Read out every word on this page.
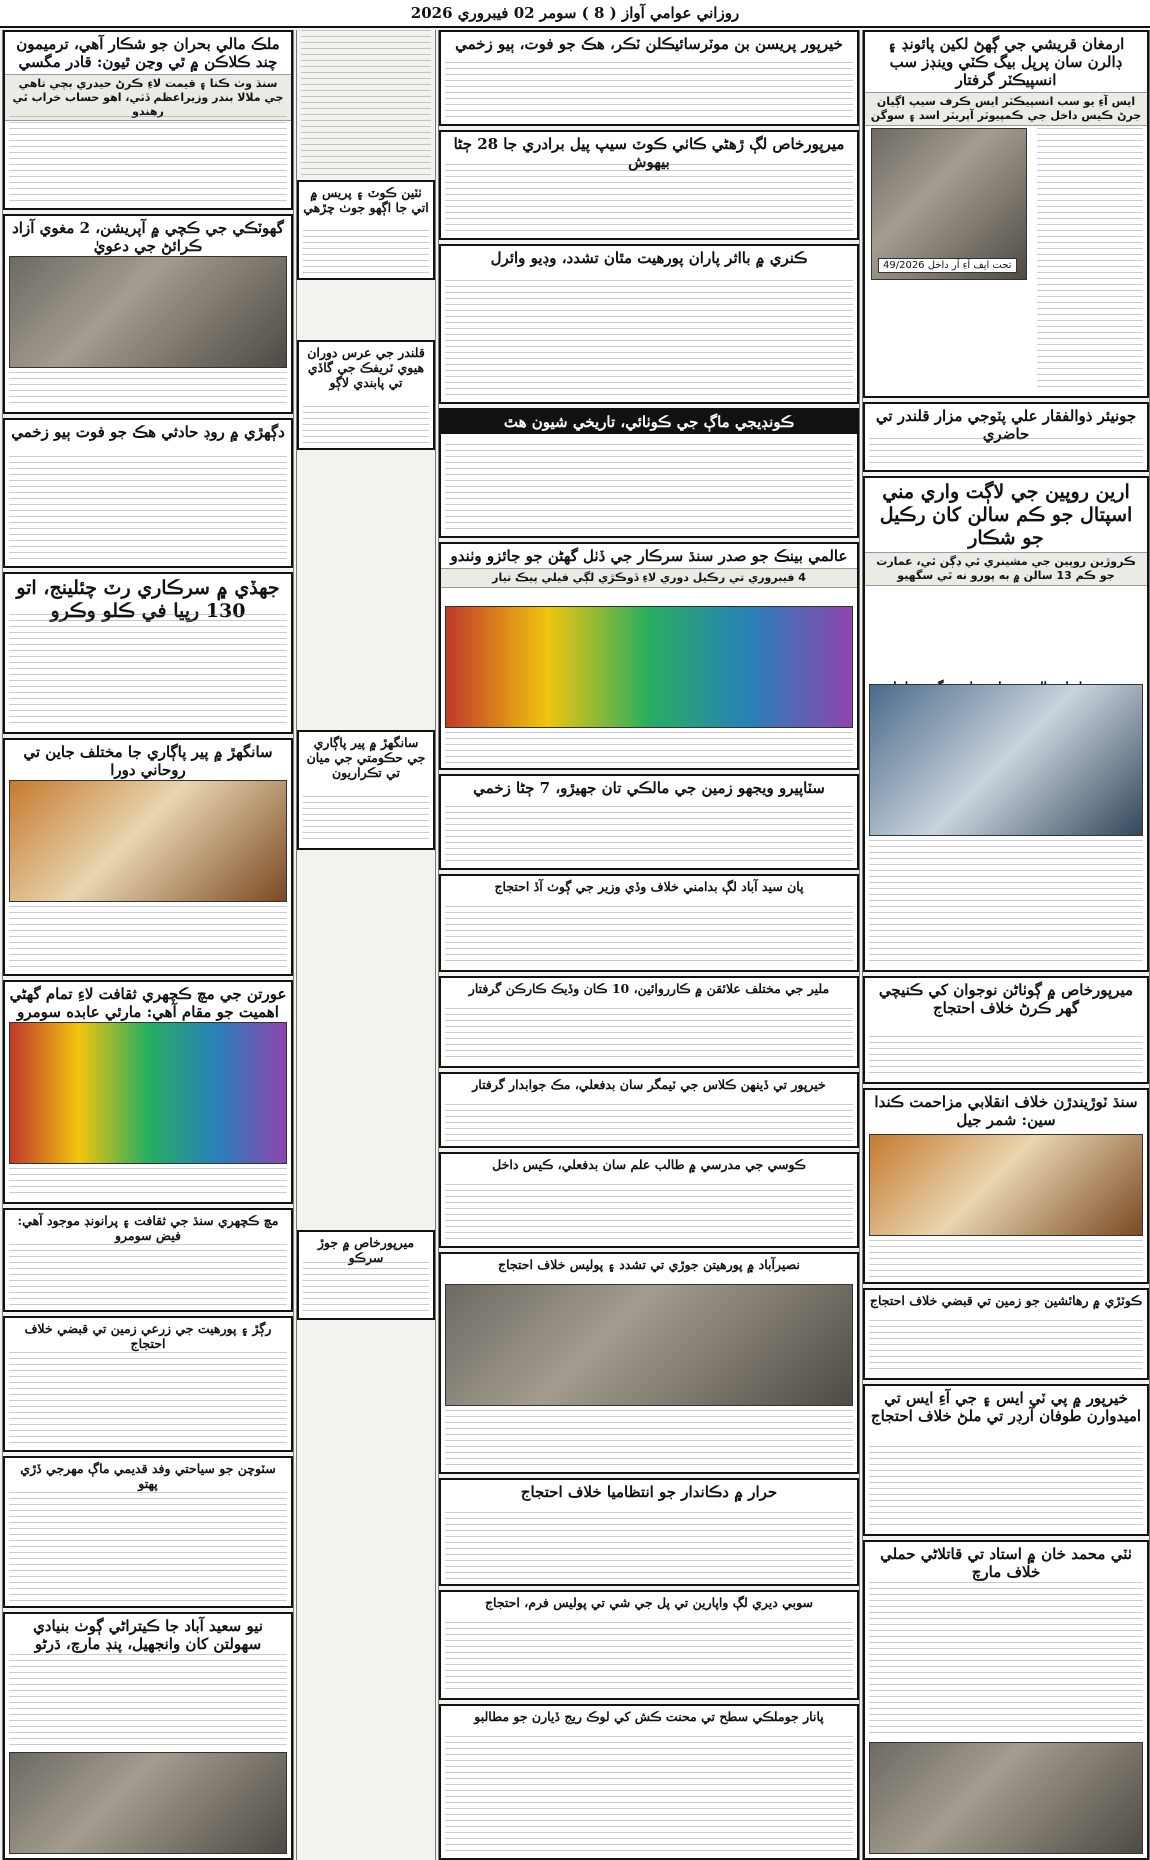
روزاني عوامي آواز ( 8 ) سومر 02 فيبروري 2026
ارمغان قريشي جي ڳهڻ لکين پائونڊ ۽ ڊالرن سان پرپل بيگ ڪٽي وينڊز سب انسپيڪٽر گرفتار
ايس آءِ يو سب انسپيڪٽر ايس ڪرف سيپ اڳيان جرڻ ڪيس داخل جي ڪمپيوٽر آپريٽر اسد ۽ سوگن
49/2026 تحت ايف آءِ آر داخل
جونيئر ذوالفقار علي پٽوجي مزار قلندر تي حاضري
ارين روپين جي لاڳت واري مني اسپتال جو ڪم سالن کان رڪيل جو شڪار
ڪروڙين روپين جي مشينري ٿي ڊڳن ٿي، عمارت جو ڪم 13 سالن ۾ به پورو نه ٿي سگهيو
ميرپورخاص ۾ ڳوٺاڻن نوجوان کي ڪنيچي گهر ڪرڻ خلاف احتجاج
سنڌ ٽوڙيندڙن خلاف انقلابي مزاحمت ڪندا سين: شمر جيل
ڪوٽڙي ۾ رهائشين جو زمين تي قبضي خلاف احتجاج
خيرپور ۾ پي ٽي ايس ۽ جي آءِ ايس تي اميدوارن طوفان آرڊر تي ملڻ خلاف احتجاج
ٺٽي محمد خان ۾ استاد تي قاتلاڻي حملي خلاف مارچ
خيرپور پريسن بن موٽرسائيڪلن ٽڪر، هڪ جو فوت، ٻيو زخمي
ميرپورخاص لڳ ڙهڻي ڪاٺي ڪوٽ سيپ پيل برادري جا 28 ڄڻا بيهوش
ڪنري ۾ بااثر پاران پورهيت مٿان تشدد، وڊيو وائرل
ڪونڊيجي ماڳ جي ڪوٺائي، تاريخي شيون هٿ
عالمي بينڪ جو صدر سنڌ سرڪار جي ڏٺل گهڻن جو جائزو وٺندو
4 فيبروري تي رڪيل دوري لاءِ ڏوڪڙي لڳي فيلي پيڪ تيار
سٽاپيرو ويجهو زمين جي مالڪي تان جهيڙو، 7 ڄڻا زخمي
پان سيد آباد لڳ بدامني خلاف وڏي وزير جي ڳوٺ آڏ احتجاج
ملير جي مختلف علائقن ۾ ڪارروائين، 10 ڪان وڏيڪ ڪارڪن گرفتار
خيرپور تي ڏينهن ڪلاس جي ٽيمگر سان بدفعلي، مڪ جوابدار گرفتار
ڪوسي جي مدرسي ۾ طالب علم سان بدفعلي، ڪيس داخل
نصيرآباد ۾ پورهيتن جوڙي تي تشدد ۽ پوليس خلاف احتجاج
حرار ۾ دڪاندار جو انتظاميا خلاف احتجاج
سوبي ديري لڳ واپارين تي پل جي شي تي پوليس فرم، احتجاج
پانار جوملڪي سطح تي محنت ڪش کي لوڪ ريج ڏيارن جو مطالبو
ٺٽين ڪوٽ ۽ پريس ۾ اتي جا اڳهو جوٺ چڙهي
قلندر جي عرس دوران هيوي ٽريفڪ جي گاڏي تي پابندي لاڳو
سانگهڙ ۾ پير پاڳاري جي حڪومتي جي ميان تي تڪراريون
ميرپورخاص ۾ جوڙ سرڪو
ملڪ مالي بحران جو شڪار آهي، ترميمون چند ڪلاڪن ۾ ٿي وڃن ٿيون: قادر مگسي
سنڌ وٺ ڪنا ۽ قيمت لاءِ ڪرڻ حيدري بچي تاهي جي ملالا بندر وزيراعظم ڏٺي، اهو حساب خراب ٿي رهندو
گهوٽڪي جي ڪچي ۾ آپريشن، 2 مغوي آزاد ڪرائڻ جي دعويٰ
دڳهڙي ۾ روڊ حادثي هڪ جو فوت ٻيو زخمي
جهڏي ۾ سرڪاري رٽ چئلينج، اتو 130 رپيا في ڪلو وڪرو
سانگهڙ ۾ پير پاڳاري جا مختلف جاين تي روحاني دورا
عورتن جي مچ ڪچهري ثقافت لاءِ تمام گهڻي اهميت جو مقام آهي: مارئي عابده سومرو
مچ ڪچهري سنڌ جي ثقافت ۽ پرانونڊ موجود آهي: فيض سومرو
رڳڙ ۽ پورهيت جي زرعي زمين تي قبضي خلاف احتجاج
سٽوچن جو سياحتي وفد قديمي ماڳ مهرجي ڏڙي پهتو
نيو سعيد آباد جا ڪيتراڻي ڳوٺ بنيادي سهولتن کان وانجهيل، پنڊ مارچ، ڌرڻو
